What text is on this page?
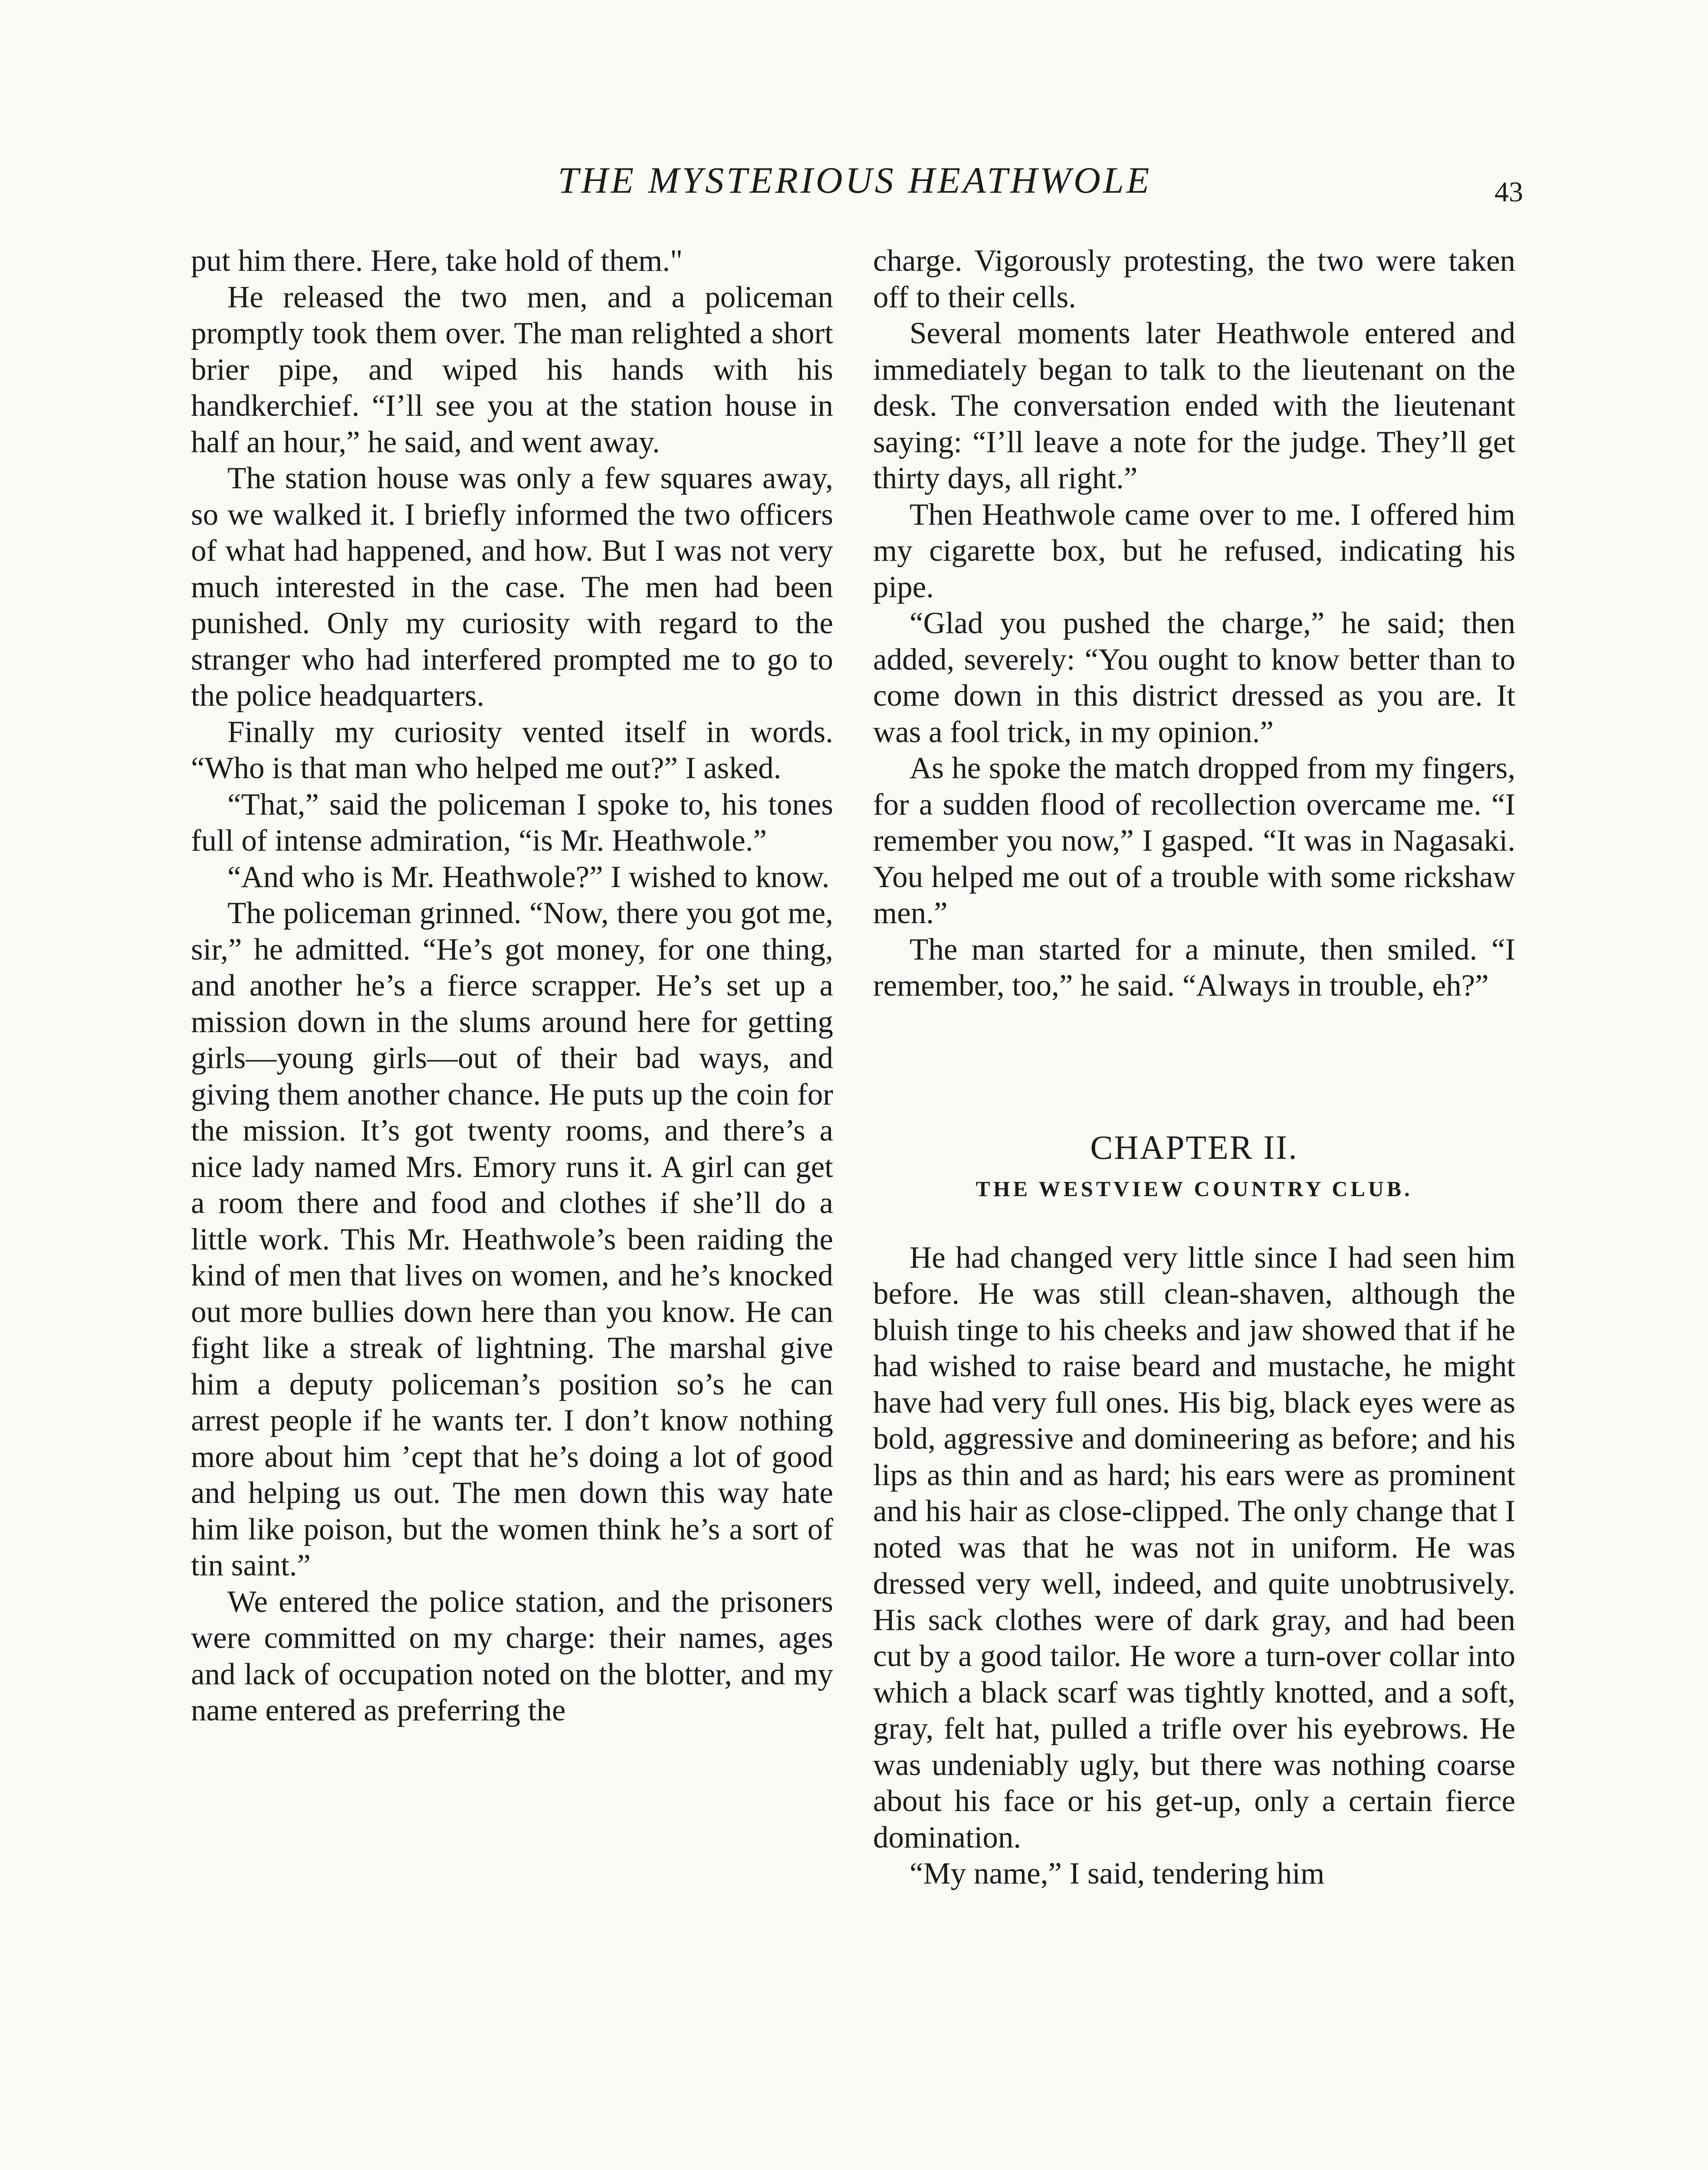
THE MYSTERIOUS HEATHWOLE	43

put him there. Here, take hold of them."

He released the two men, and a policeman promptly took them over. The man relighted a short brier pipe, and wiped his hands with his handkerchief. “I’ll see you at the station house in half an hour,” he said, and went away.

The station house was only a few squares away, so we walked it. I briefly informed the two officers of what had happened, and how. But I was not very much interested in the case. The men had been punished. Only my curiosity with regard to the stranger who had interfered prompted me to go to the police headquarters.

Finally my curiosity vented itself in words. “Who is that man who helped me out?” I asked.

“That,” said the policeman I spoke to, his tones full of intense admiration, “is Mr. Heathwole.”

“And who is Mr. Heathwole?” I wished to know.

The policeman grinned. “Now, there you got me, sir,” he admitted. “He’s got money, for one thing, and another he’s a fierce scrapper. He’s set up a mission down in the slums around here for getting girls—young girls—out of their bad ways, and giving them another chance. He puts up the coin for the mission. It’s got twenty rooms, and there’s a nice lady named Mrs. Emory runs it. A girl can get a room there and food and clothes if she’ll do a little work. This Mr. Heathwole’s been raiding the kind of men that lives on women, and he’s knocked out more bullies down here than you know. He can fight like a streak of lightning. The marshal give him a deputy policeman’s position so’s he can arrest people if he wants ter. I don’t know nothing more about him ’cept that he’s doing a lot of good and helping us out. The men down this way hate him like poison, but the women think he’s a sort of tin saint.”

We entered the police station, and the prisoners were committed on my charge: their names, ages and lack of occupation noted on the blotter, and my name entered as preferring the

charge. Vigorously protesting, the two were taken off to their cells.

Several moments later Heathwole entered and immediately began to talk to the lieutenant on the desk. The conversation ended with the lieutenant saying: “I’ll leave a note for the judge. They’ll get thirty days, all right.”

Then Heathwole came over to me. I offered him my cigarette box, but he refused, indicating his pipe.

“Glad you pushed the charge,” he said; then added, severely: “You ought to know better than to come down in this district dressed as you are. It was a fool trick, in my opinion.”

As he spoke the match dropped from my fingers, for a sudden flood of recollection overcame me. “I remember you now,” I gasped. “It was in Nagasaki. You helped me out of a trouble with some rickshaw men.”

The man started for a minute, then smiled. “I remember, too,” he said. “Always in trouble, eh?”

CHAPTER II.
THE WESTVIEW COUNTRY CLUB.

He had changed very little since I had seen him before. He was still clean-shaven, although the bluish tinge to his cheeks and jaw showed that if he had wished to raise beard and mustache, he might have had very full ones. His big, black eyes were as bold, aggressive and domineering as before; and his lips as thin and as hard; his ears were as prominent and his hair as close-clipped. The only change that I noted was that he was not in uniform. He was dressed very well, indeed, and quite unobtrusively. His sack clothes were of dark gray, and had been cut by a good tailor. He wore a turn-over collar into which a black scarf was tightly knotted, and a soft, gray, felt hat, pulled a trifle over his eyebrows. He was undeniably ugly, but there was nothing coarse about his face or his get-up, only a certain fierce domination.

“My name,” I said, tendering him
